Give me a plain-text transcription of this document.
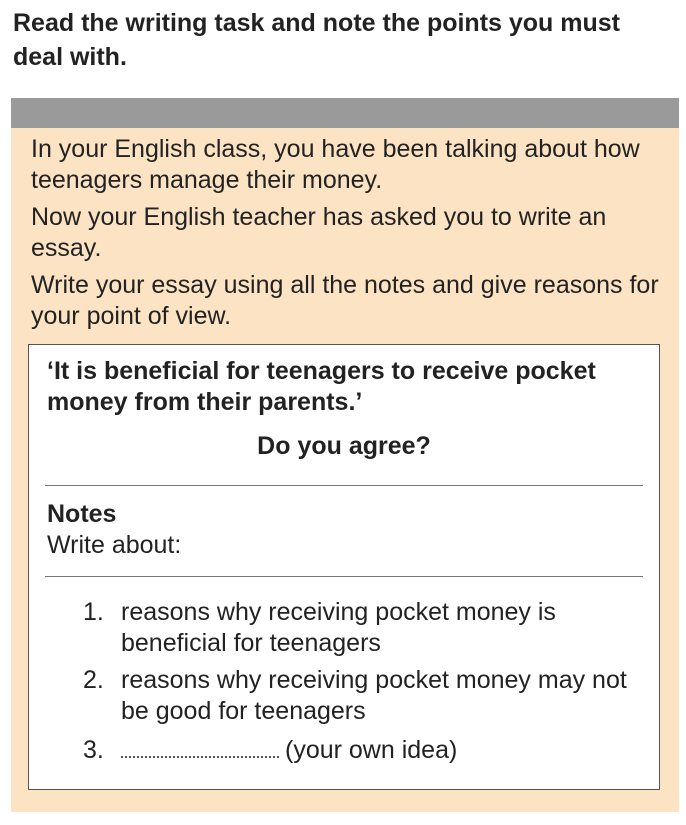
Read the writing task and note the points you must deal with.

In your English class, you have been talking about how teenagers manage their money.

Now your English teacher has asked you to write an essay.

Write your essay using all the notes and give reasons for your point of view.

‘It is beneficial for teenagers to receive pocket money from their parents.’

Do you agree?

Notes

Write about:

1. reasons why receiving pocket money is beneficial for teenagers
2. reasons why receiving pocket money may not be good for teenagers
3.	(your own idea)
